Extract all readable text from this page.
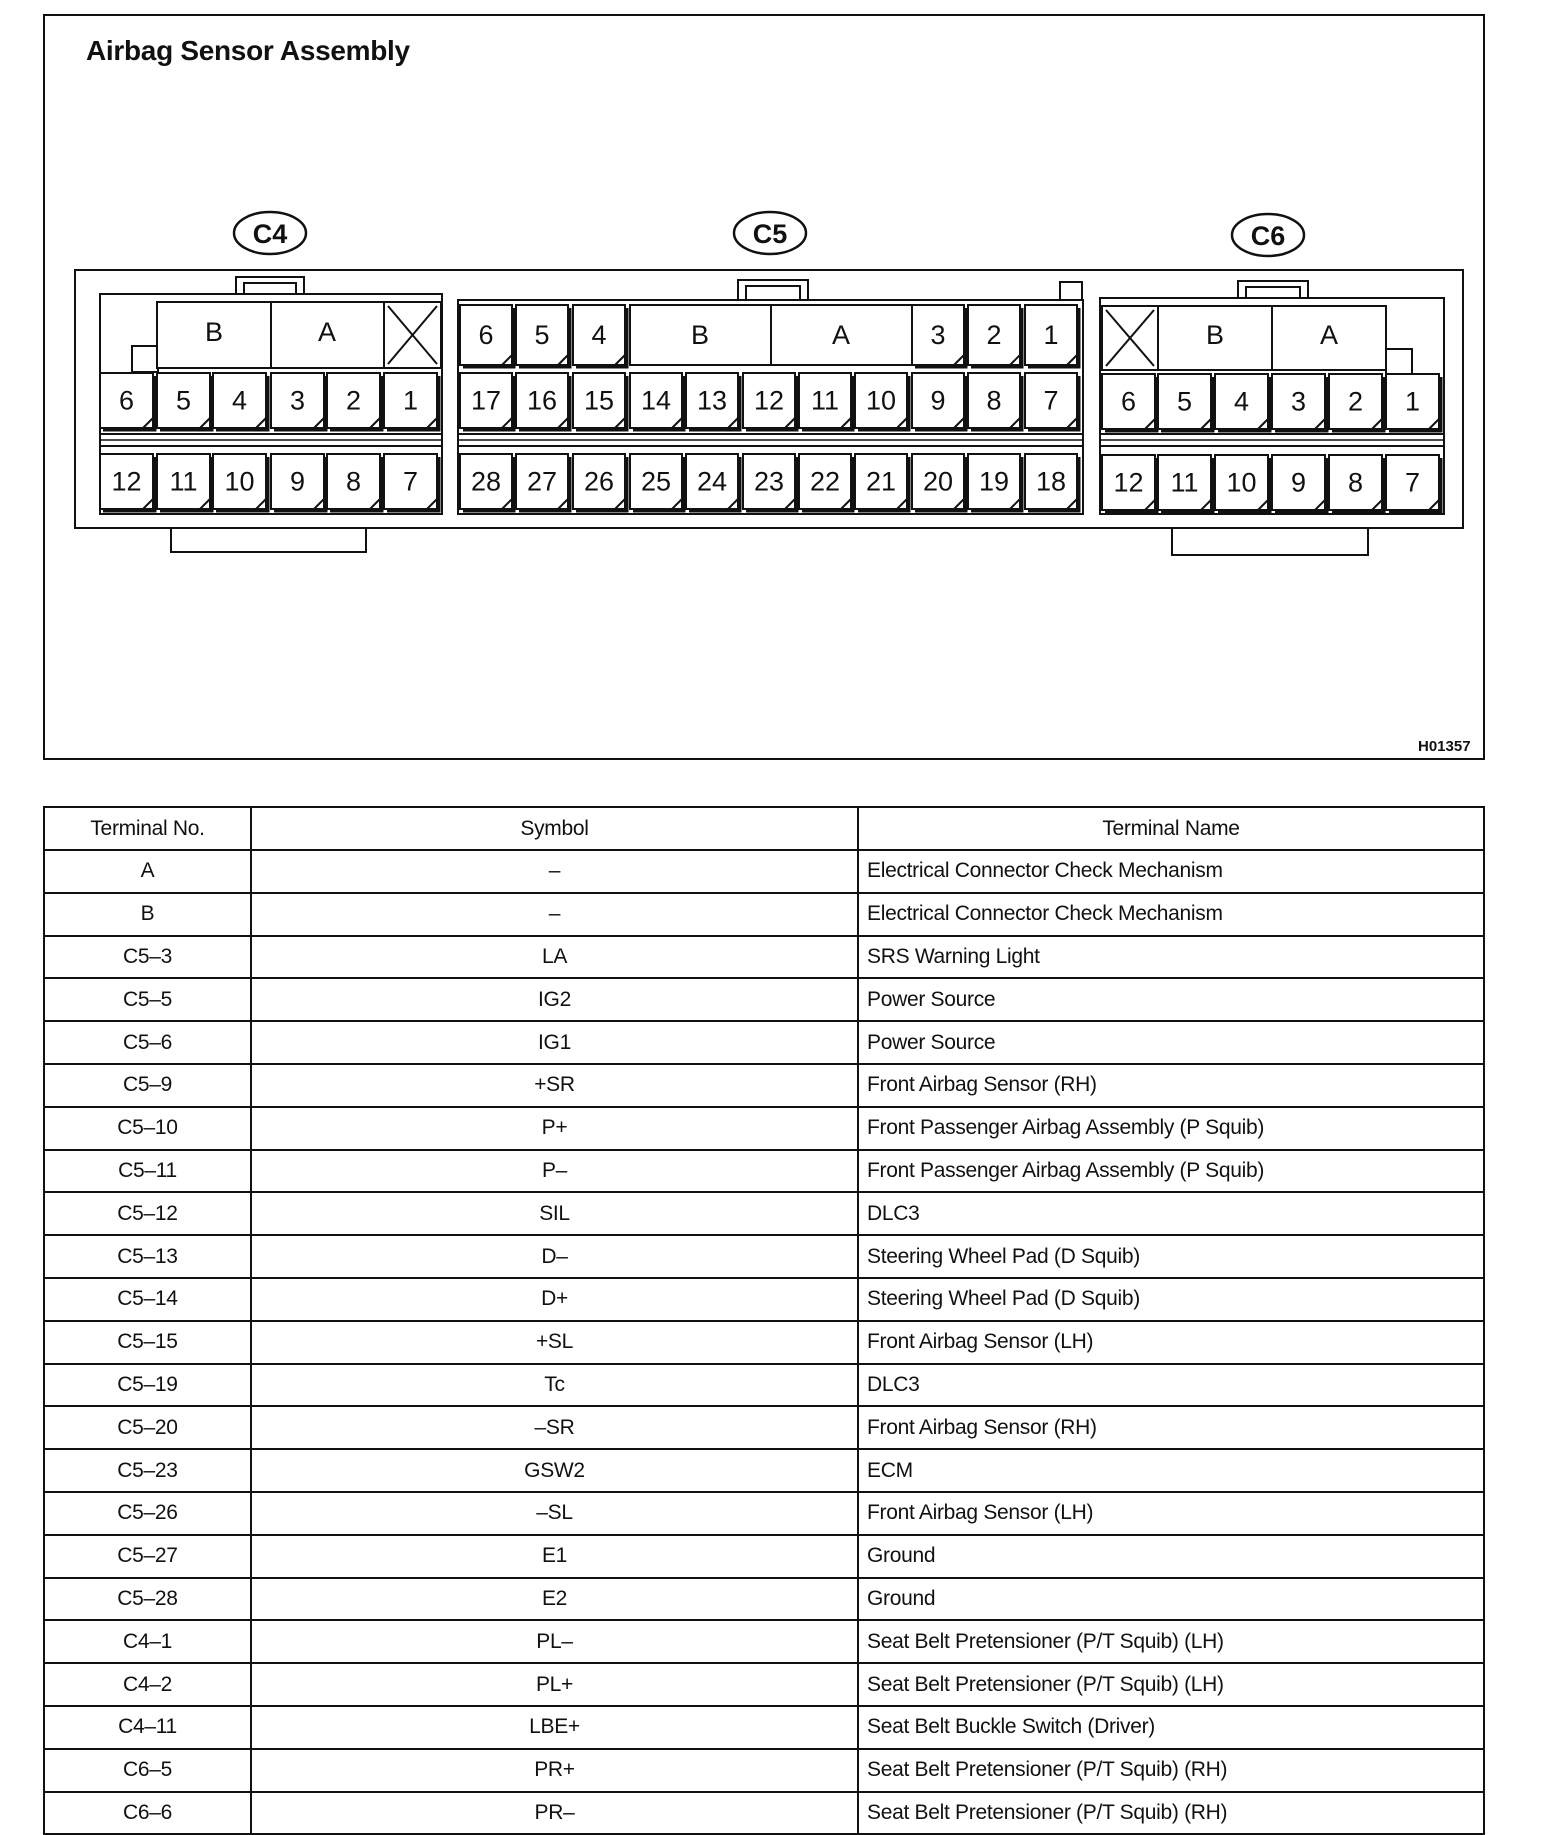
Airbag Sensor Assembly
H01357
C4
B	A
6 5 4 3 2 1
12 11 10 9 8 7
C5
6 5 4	B	A	3 2 1
17 16 15 14 13 12 11 10 9 8 7
28 27 26 25 24 23 22 21 20 19 18
C6
B	A
6 5 4 3 2 1
12 11 10 9 8 7
Terminal No.	Symbol	Terminal Name
A	–	Electrical Connector Check Mechanism
B	–	Electrical Connector Check Mechanism
C5–3	LA	SRS Warning Light
C5–5	IG2	Power Source
C5–6	IG1	Power Source
C5–9	+SR	Front Airbag Sensor (RH)
C5–10	P+	Front Passenger Airbag Assembly (P Squib)
C5–11	P–	Front Passenger Airbag Assembly (P Squib)
C5–12	SIL	DLC3
C5–13	D–	Steering Wheel Pad (D Squib)
C5–14	D+	Steering Wheel Pad (D Squib)
C5–15	+SL	Front Airbag Sensor (LH)
C5–19	Tc	DLC3
C5–20	–SR	Front Airbag Sensor (RH)
C5–23	GSW2	ECM
C5–26	–SL	Front Airbag Sensor (LH)
C5–27	E1	Ground
C5–28	E2	Ground
C4–1	PL–	Seat Belt Pretensioner (P/T Squib) (LH)
C4–2	PL+	Seat Belt Pretensioner (P/T Squib) (LH)
C4–11	LBE+	Seat Belt Buckle Switch (Driver)
C6–5	PR+	Seat Belt Pretensioner (P/T Squib) (RH)
C6–6	PR–	Seat Belt Pretensioner (P/T Squib) (RH)
